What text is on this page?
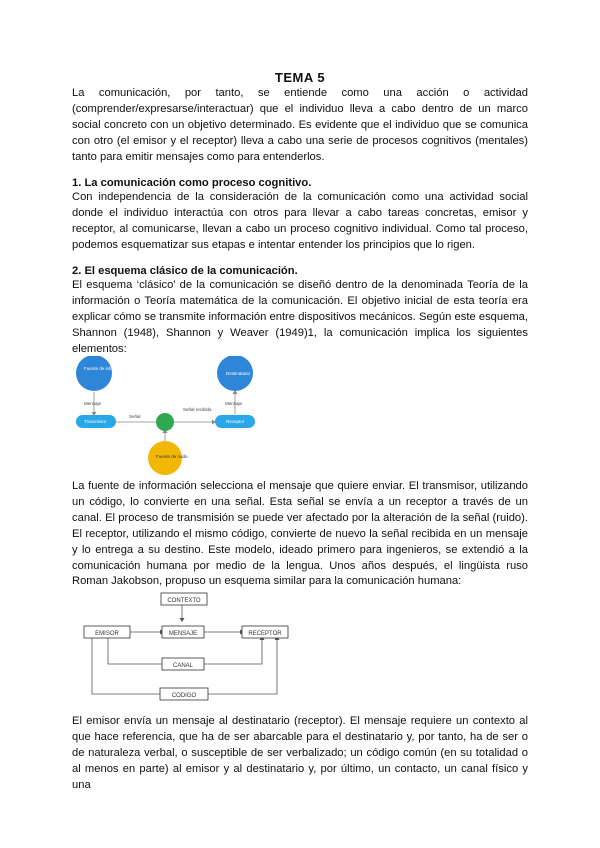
TEMA 5

La comunicación, por tanto, se entiende como una acción o actividad (comprender/expresarse/interactuar) que el individuo lleva a cabo dentro de un marco social concreto con un objetivo determinado. Es evidente que el individuo que se comunica con otro (el emisor y el receptor) lleva a cabo una serie de procesos cognitivos (mentales) tanto para emitir mensajes como para entenderlos.

1. La comunicación como proceso cognitivo.

Con independencia de la consideración de la comunicación como una actividad social donde el individuo interactúa con otros para llevar a cabo tareas concretas, emisor y receptor, al comunicarse, llevan a cabo un proceso cognitivo individual. Como tal proceso, podemos esquematizar sus etapas e intentar entender los principios que lo rigen.

2. El esquema clásico de la comunicación.

El esquema ‘clásico’ de la comunicación se diseñó dentro de la denominada Teoría de la información o Teoría matemática de la comunicación. El objetivo inicial de esta teoría era explicar cómo se transmite información entre dispositivos mecánicos. Según este esquema, Shannon (1948), Shannon y Weaver (1949)1, la comunicación implica los siguientes elementos:

Fuente de información
Destinatario
Mensaje	Mensaje
Transmisor	Receptor
Señal
Señal recibida
Fuente de ruido

La fuente de información selecciona el mensaje que quiere enviar. El transmisor, utilizando un código, lo convierte en una señal. Esta señal se envía a un receptor a través de un canal. El proceso de transmisión se puede ver afectado por la alteración de la señal (ruido). El receptor, utilizando el mismo código, convierte de nuevo la señal recibida en un mensaje y lo entrega a su destino. Este modelo, ideado primero para ingenieros, se extendió a la comunicación humana por medio de la lengua. Unos años después, el lingüista ruso Roman Jakobson, propuso un esquema similar para la comunicación humana:

CONTEXTO
EMISOR	MENSAJE	RECEPTOR
CANAL
CODIGO

El emisor envía un mensaje al destinatario (receptor). El mensaje requiere un contexto al que hace referencia, que ha de ser abarcable para el destinatario y, por tanto, ha de ser o de naturaleza verbal, o susceptible de ser verbalizado; un código común (en su totalidad o al menos en parte) al emisor y al destinatario y, por último, un contacto, un canal físico y una
